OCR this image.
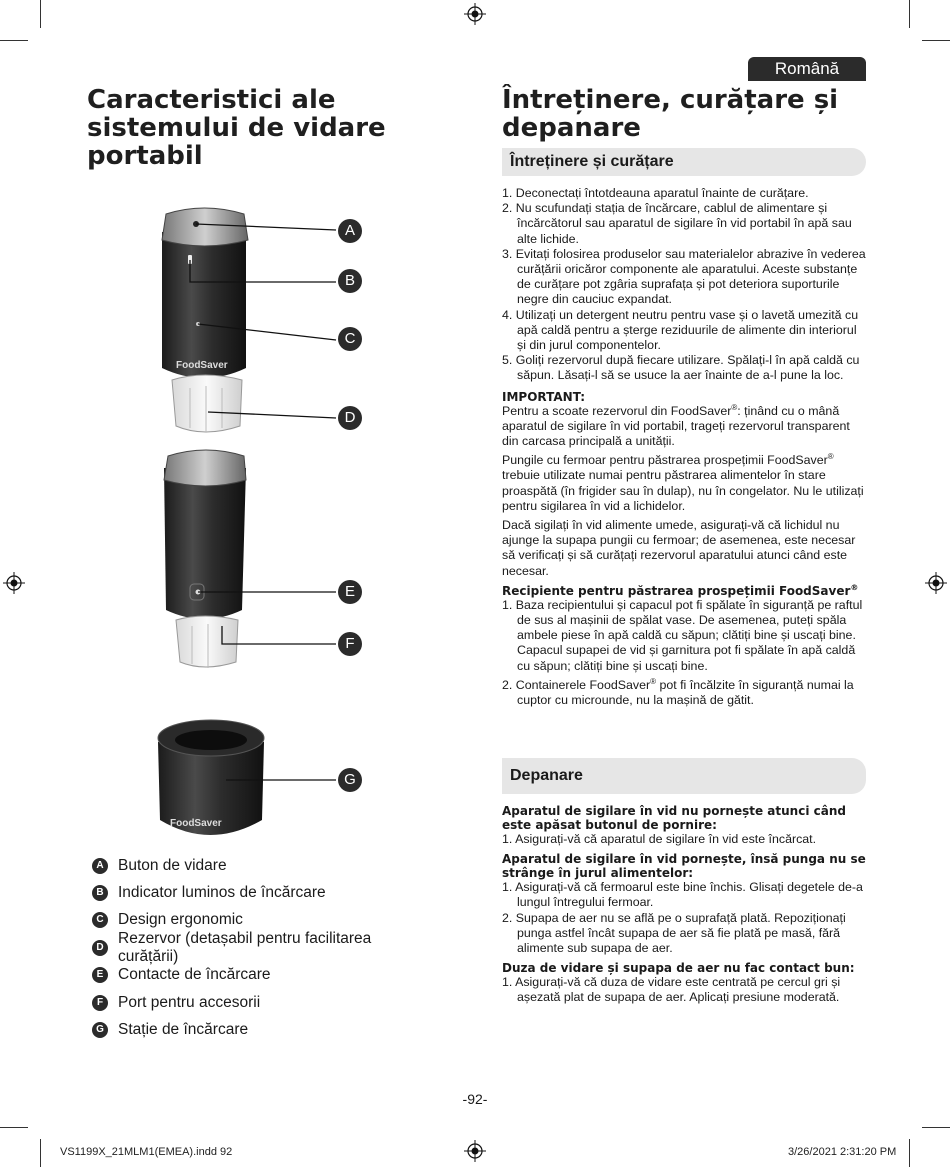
Română
Caracteristici ale sistemului de vidare portabil
FoodSaver
FoodSaver
A
B
C
D
E
F
G
A Buton de vidare
B Indicator luminos de încărcare
C Design ergonomic
D
Rezervor (detașabil pentru facilitarea curățării)
E Contacte de încărcare
F Port pentru accesorii
G Stație de încărcare
Întreținere, curățare și depanare
Întreținere și curățare
1. Deconectați întotdeauna aparatul înainte de curățare.
2. Nu scufundați stația de încărcare, cablul de alimentare și încărcătorul sau aparatul de sigilare în vid portabil în apă sau alte lichide.
3. Evitați folosirea produselor sau materialelor abrazive în vederea curățării oricăror componente ale aparatului. Aceste substanțe de curățare pot zgâria suprafața și pot deteriora suporturile negre din cauciuc expandat.
4. Utilizați un detergent neutru pentru vase și o lavetă umezită cu apă caldă pentru a șterge reziduurile de alimente din interiorul și din jurul componentelor.
5. Goliți rezervorul după fiecare utilizare. Spălați-l în apă caldă cu săpun. Lăsați-l să se usuce la aer înainte de a-l pune la loc.
IMPORTANT:
Pentru a scoate rezervorul din FoodSaver®: ținând cu o mână aparatul de sigilare în vid portabil, trageți rezervorul transparent din carcasa principală a unității.

Pungile cu fermoar pentru păstrarea prospețimii FoodSaver® trebuie utilizate numai pentru păstrarea alimentelor în stare proaspătă (în frigider sau în dulap), nu în congelator. Nu le utilizați pentru sigilarea în vid a lichidelor.

Dacă sigilați în vid alimente umede, asigurați-vă că lichidul nu ajunge la supapa pungii cu fermoar; de asemenea, este necesar să verificați și să curățați rezervorul aparatului atunci când este necesar.

Recipiente pentru păstrarea prospețimii FoodSaver®
1. Baza recipientului și capacul pot fi spălate în siguranță pe raftul de sus al mașinii de spălat vase. De asemenea, puteți spăla ambele piese în apă caldă cu săpun; clătiți bine și uscați bine. Capacul supapei de vid și garnitura pot fi spălate în apă caldă cu săpun; clătiți bine și uscați bine.
2. Containerele FoodSaver® pot fi încălzite în siguranță numai la cuptor cu microunde, nu la mașină de gătit.
Depanare
Aparatul de sigilare în vid nu pornește atunci când este apăsat butonul de pornire:
1. Asigurați-vă că aparatul de sigilare în vid este încărcat.
Aparatul de sigilare în vid pornește, însă punga nu se strânge în jurul alimentelor:
1. Asigurați-vă că fermoarul este bine închis. Glisați degetele de-a lungul întregului fermoar.
2. Supapa de aer nu se află pe o suprafață plată. Repoziționați punga astfel încât supapa de aer să fie plată pe masă, fără alimente sub supapa de aer.
Duza de vidare și supapa de aer nu fac contact bun:
1. Asigurați-vă că duza de vidare este centrată pe cercul gri și așezată plat de supapa de aer. Aplicați presiune moderată.
-92-
VS1199X_21MLM1(EMEA).indd 92	3/26/2021 2:31:20 PM
